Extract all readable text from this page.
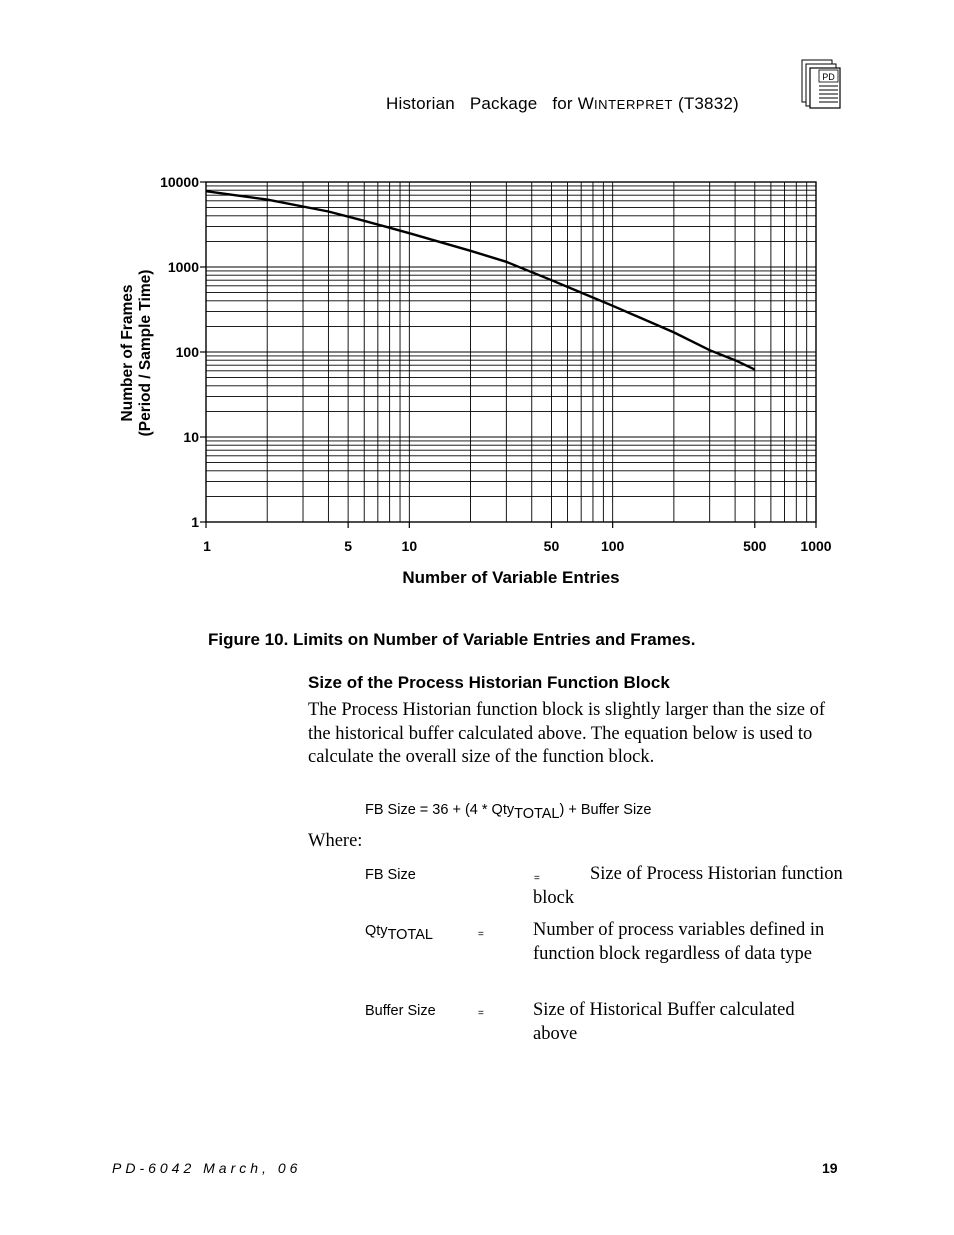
Historian Package for WINTERPRET (T3832)
PD
1	5	10	50	100	500 1000
1
10
100
1000
10000
Number of Variable Entries
Number of Frames (Period / Sample Time)
Figure 10. Limits on Number of Variable Entries and Frames.
Size of the Process Historian Function Block
The Process Historian function block is slightly larger than the size of the historical buffer calculated above. The equation below is used to calculate the overall size of the function block.
FB Size = 36 + (4 * Qty$_{TOTAL}$) + Buffer Size
Where:
FB Size	=	Size of Process Historian function block
Qty$_{TOTAL}$	=	Number of process variables defined in function block regardless of data type
Buffer Size	=	Size of Historical Buffer calculated above
PD-6042 March, 06	19
